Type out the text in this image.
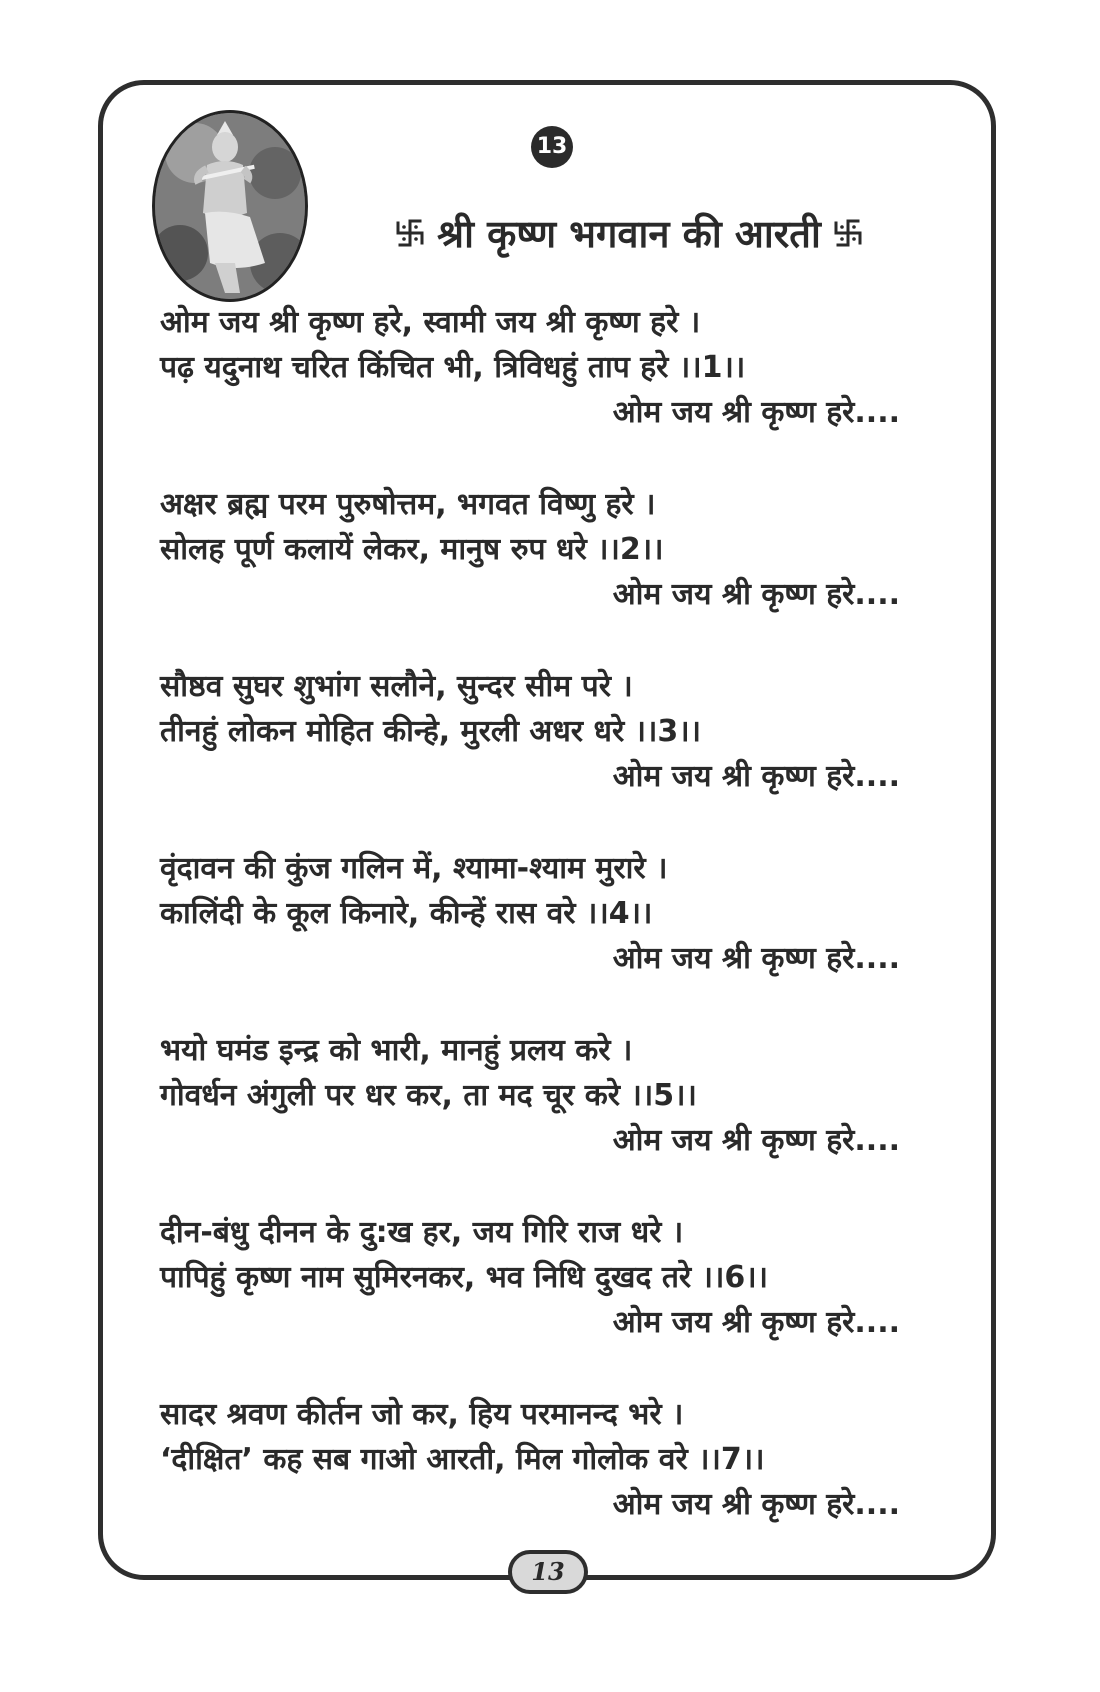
13
श्री कृष्ण भगवान की आरती
ओम जय श्री कृष्ण हरे, स्वामी जय श्री कृष्ण हरे ।
पढ़ यदुनाथ चरित किंचित भी, त्रिविधहुं ताप हरे ।।1।।
ओम जय श्री कृष्ण हरे....
अक्षर ब्रह्म परम पुरुषोत्तम, भगवत विष्णु हरे ।
सोलह पूर्ण कलायें लेकर, मानुष रुप धरे ।।2।।
ओम जय श्री कृष्ण हरे....
सौष्ठव सुघर शुभांग सलौने, सुन्दर सीम परे ।
तीनहुं लोकन मोहित कीन्हे, मुरली अधर धरे ।।3।।
ओम जय श्री कृष्ण हरे....
वृंदावन की कुंज गलिन में, श्यामा-श्याम मुरारे ।
कालिंदी के कूल किनारे, कीन्हें रास वरे ।।4।।
ओम जय श्री कृष्ण हरे....
भयो घमंड इन्द्र को भारी, मानहुं प्रलय करे ।
गोवर्धन अंगुली पर धर कर, ता मद चूर करे ।।5।।
ओम जय श्री कृष्ण हरे....
दीन-बंधु दीनन के दु:ख हर, जय गिरि राज धरे ।
पापिहुं कृष्ण नाम सुमिरनकर, भव निधि दुखद तरे ।।6।।
ओम जय श्री कृष्ण हरे....
सादर श्रवण कीर्तन जो कर, हिय परमानन्द भरे ।
‘दीक्षित’ कह सब गाओ आरती, मिल गोलोक वरे ।।7।।
ओम जय श्री कृष्ण हरे....
13
